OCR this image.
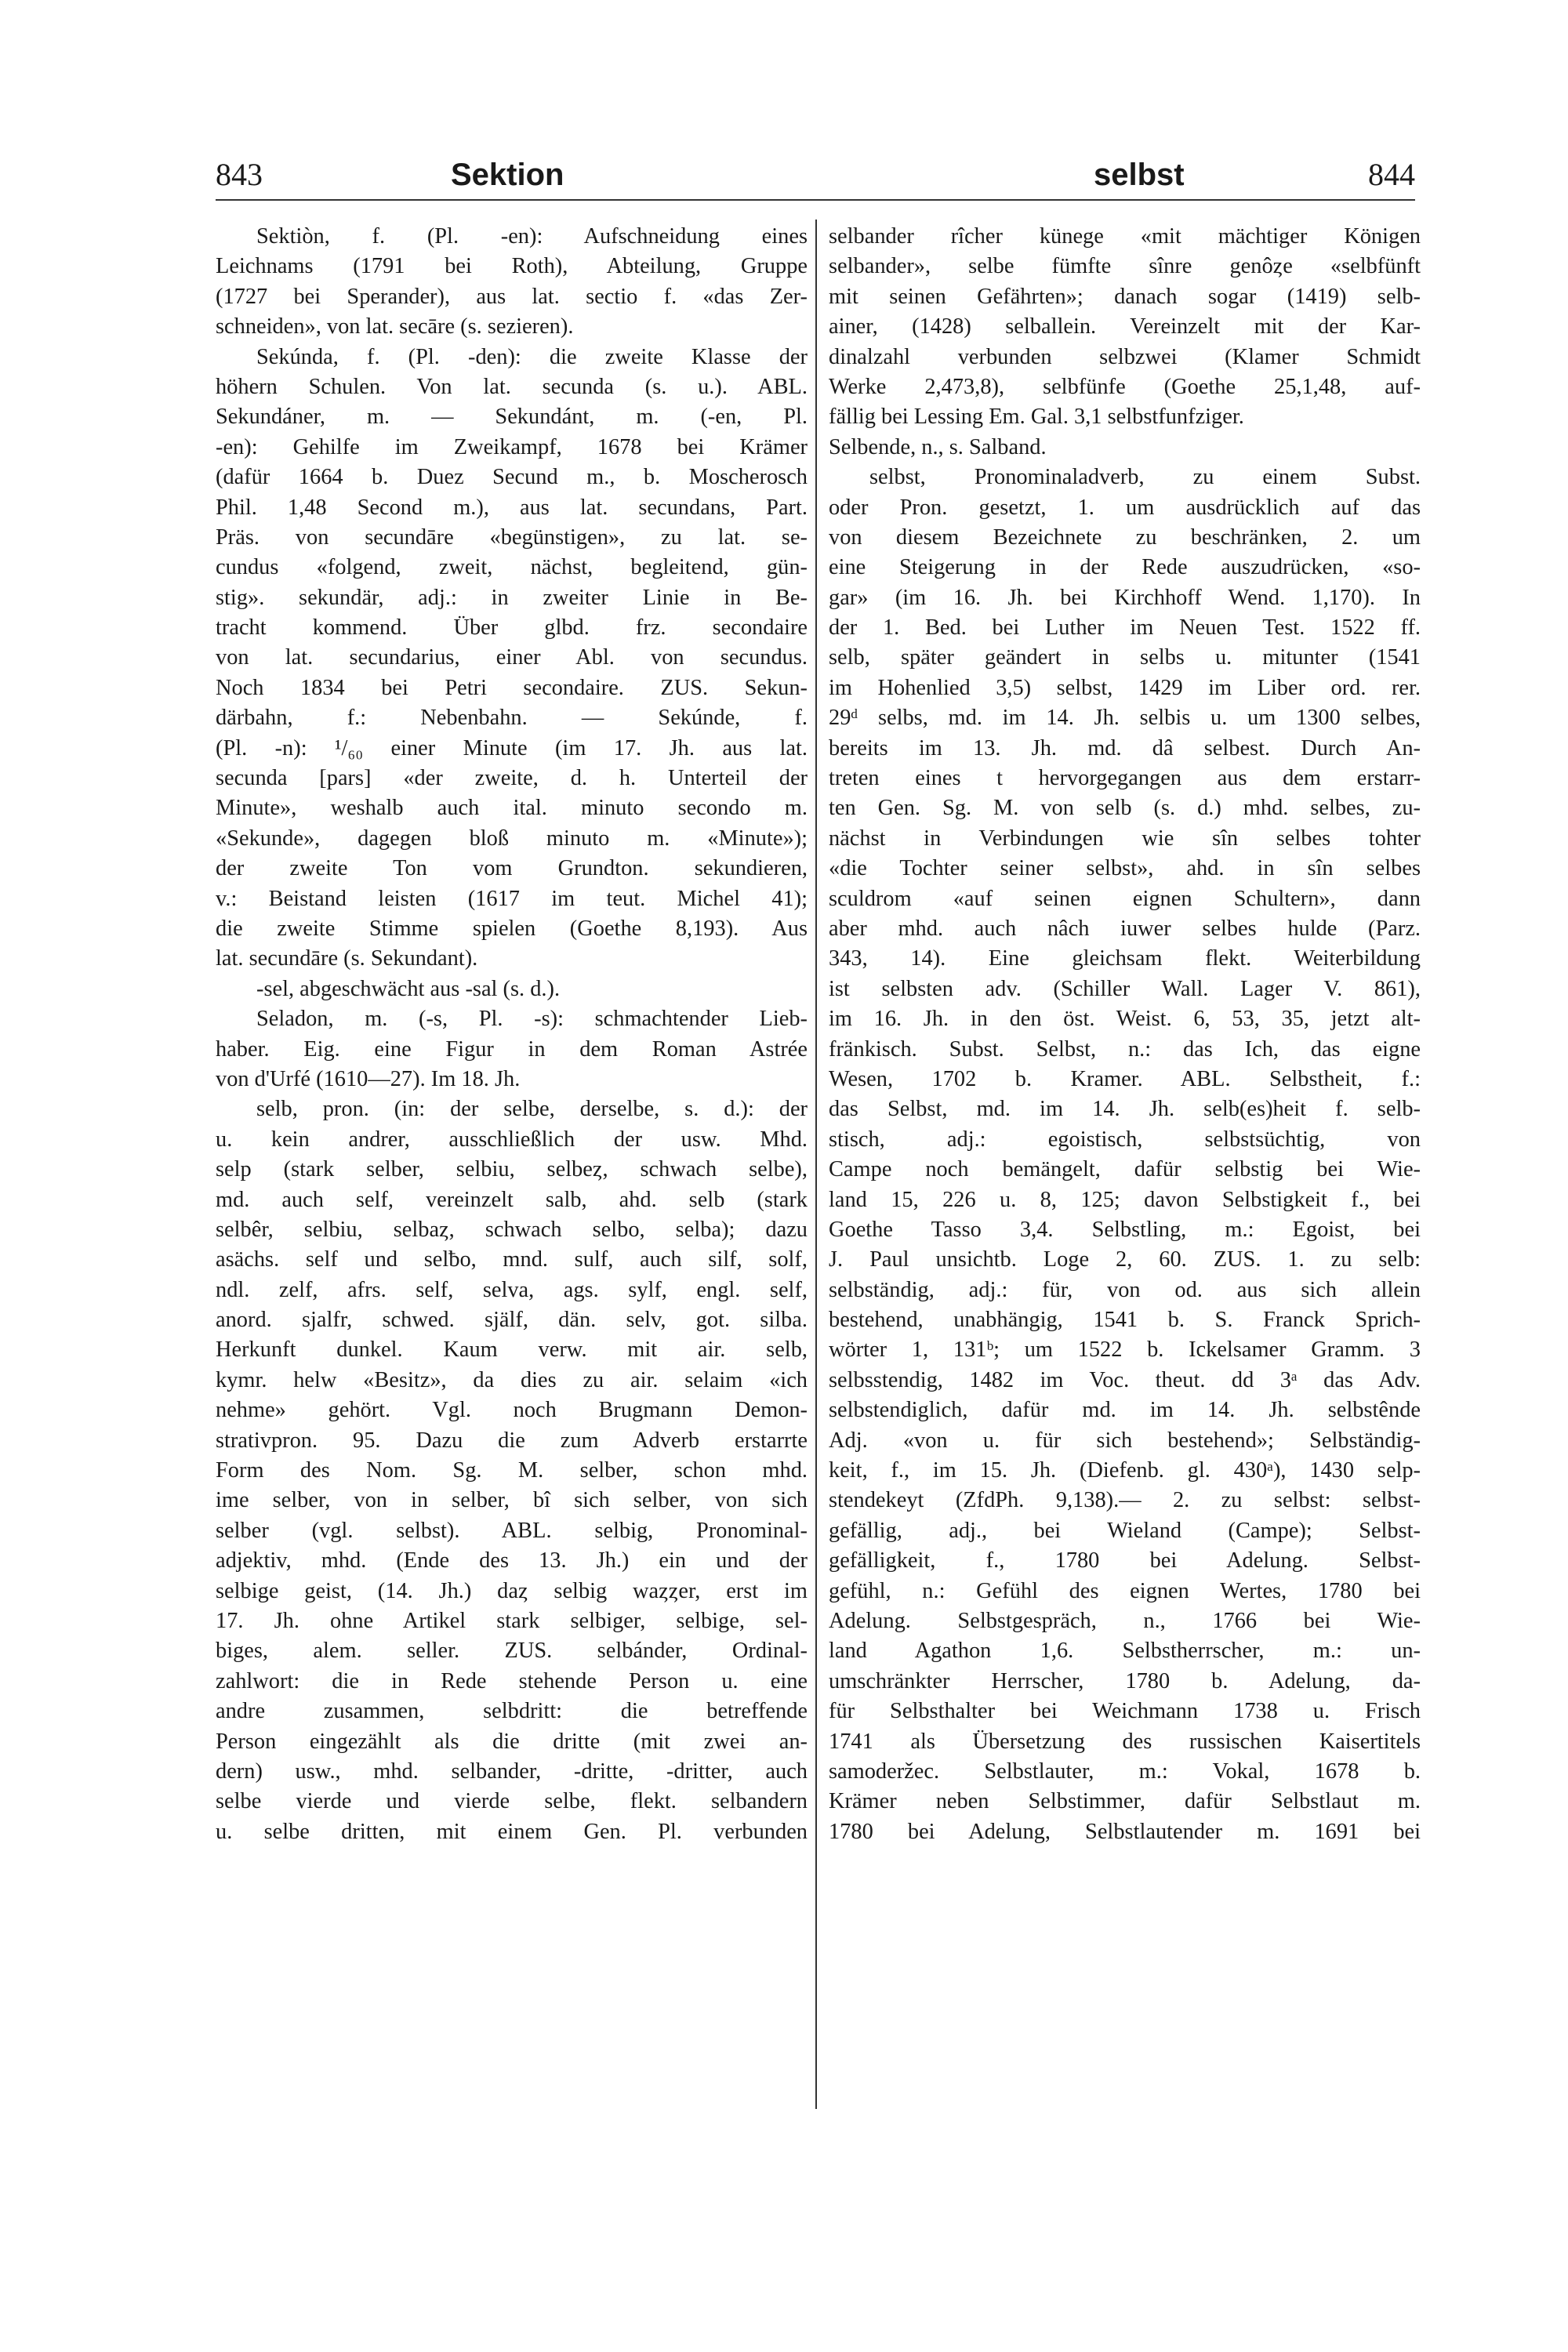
843	Sektion	selbst	844
Sektiòn, f. (Pl. -en): Aufschneidung eines
Leichnams (1791 bei Roth), Abteilung, Gruppe
(1727 bei Sperander), aus lat. sectio f. «das Zer-
schneiden», von lat. secāre (s. sezieren).
Sekúnda, f. (Pl. -den): die zweite Klasse der
höhern Schulen. Von lat. secunda (s. u.). ABL.
Sekundáner, m. — Sekundánt, m. (-en, Pl.
-en): Gehilfe im Zweikampf, 1678 bei Krämer
(dafür 1664 b. Duez Secund m., b. Moscherosch
Phil. 1,48 Second m.), aus lat. secundans, Part.
Präs. von secundāre «begünstigen», zu lat. se-
cundus «folgend, zweit, nächst, begleitend, gün-
stig». sekundär, adj.: in zweiter Linie in Be-
tracht kommend. Über glbd. frz. secondaire
von lat. secundarius, einer Abl. von secundus.
Noch 1834 bei Petri secondaire. ZUS. Sekun-
därbahn, f.: Nebenbahn. — Sekúnde, f.
(Pl. -n): ¹/₆₀ einer Minute (im 17. Jh. aus lat.
secunda [pars] «der zweite, d. h. Unterteil der
Minute», weshalb auch ital. minuto secondo m.
«Sekunde», dagegen bloß minuto m. «Minute»);
der zweite Ton vom Grundton. sekundieren,
v.: Beistand leisten (1617 im teut. Michel 41);
die zweite Stimme spielen (Goethe 8,193). Aus
lat. secundāre (s. Sekundant).
-sel, abgeschwächt aus -sal (s. d.).
Seladon, m. (-s, Pl. -s): schmachtender Lieb-
haber. Eig. eine Figur in dem Roman Astrée
von d'Urfé (1610—27). Im 18. Jh.
selb, pron. (in: der selbe, derselbe, s. d.): der
u. kein andrer, ausschließlich der usw. Mhd.
selp (stark selber, selbiu, selbeȥ, schwach selbe),
md. auch self, vereinzelt salb, ahd. selb (stark
selbêr, selbiu, selbaȥ, schwach selbo, selba); dazu
asächs. self und selƀo, mnd. sulf, auch silf, solf,
ndl. zelf, afrs. self, selva, ags. sylf, engl. self,
anord. sjalfr, schwed. själf, dän. selv, got. silba.
Herkunft dunkel. Kaum verw. mit air. selb,
kymr. helw «Besitz», da dies zu air. selaim «ich
nehme» gehört. Vgl. noch Brugmann Demon-
strativpron. 95. Dazu die zum Adverb erstarrte
Form des Nom. Sg. M. selber, schon mhd.
ime selber, von in selber, bî sich selber, von sich
selber (vgl. selbst). ABL. selbig, Pronominal-
adjektiv, mhd. (Ende des 13. Jh.) ein und der
selbige geist, (14. Jh.) daȥ selbig waȥȥer, erst im
17. Jh. ohne Artikel stark selbiger, selbige, sel-
biges, alem. seller. ZUS. selbánder, Ordinal-
zahlwort: die in Rede stehende Person u. eine
andre zusammen, selbdritt: die betreffende
Person eingezählt als die dritte (mit zwei an-
dern) usw., mhd. selbander, -dritte, -dritter, auch
selbe vierde und vierde selbe, flekt. selbandern
u. selbe dritten, mit einem Gen. Pl. verbunden
selbander rîcher künege «mit mächtiger Königen
selbander», selbe fümfte sînre genôȥe «selbfünft
mit seinen Gefährten»; danach sogar (1419) selb-
ainer, (1428) selballein. Vereinzelt mit der Kar-
dinalzahl verbunden selbzwei (Klamer Schmidt
Werke 2,473,8), selbfünfe (Goethe 25,1,48, auf-
fällig bei Lessing Em. Gal. 3,1 selbstfunfziger.
Selbende, n., s. Salband.
selbst, Pronominaladverb, zu einem Subst.
oder Pron. gesetzt, 1. um ausdrücklich auf das
von diesem Bezeichnete zu beschränken, 2. um
eine Steigerung in der Rede auszudrücken, «so-
gar» (im 16. Jh. bei Kirchhoff Wend. 1,170). In
der 1. Bed. bei Luther im Neuen Test. 1522 ff.
selb, später geändert in selbs u. mitunter (1541
im Hohenlied 3,5) selbst, 1429 im Liber ord. rer.
29ᵈ selbs, md. im 14. Jh. selbis u. um 1300 selbes,
bereits im 13. Jh. md. dâ selbest. Durch An-
treten eines t hervorgegangen aus dem erstarr-
ten Gen. Sg. M. von selb (s. d.) mhd. selbes, zu-
nächst in Verbindungen wie sîn selbes tohter
«die Tochter seiner selbst», ahd. in sîn selbes
sculdrom «auf seinen eignen Schultern», dann
aber mhd. auch nâch iuwer selbes hulde (Parz.
343, 14). Eine gleichsam flekt. Weiterbildung
ist selbsten adv. (Schiller Wall. Lager V. 861),
im 16. Jh. in den öst. Weist. 6, 53, 35, jetzt alt-
fränkisch. Subst. Selbst, n.: das Ich, das eigne
Wesen, 1702 b. Kramer. ABL. Selbstheit, f.:
das Selbst, md. im 14. Jh. selb(es)heit f. selb-
stisch, adj.: egoistisch, selbstsüchtig, von
Campe noch bemängelt, dafür selbstig bei Wie-
land 15, 226 u. 8, 125; davon Selbstigkeit f., bei
Goethe Tasso 3,4. Selbstling, m.: Egoist, bei
J. Paul unsichtb. Loge 2, 60. ZUS. 1. zu selb:
selbständig, adj.: für, von od. aus sich allein
bestehend, unabhängig, 1541 b. S. Franck Sprich-
wörter 1, 131ᵇ; um 1522 b. Ickelsamer Gramm. 3
selbsstendig, 1482 im Voc. theut. dd 3ᵃ das Adv.
selbstendiglich, dafür md. im 14. Jh. selbstênde
Adj. «von u. für sich bestehend»; Selbständig-
keit, f., im 15. Jh. (Diefenb. gl. 430ᵃ), 1430 selp-
stendekeyt (ZfdPh. 9,138).— 2. zu selbst: selbst-
gefällig, adj., bei Wieland (Campe); Selbst-
gefälligkeit, f., 1780 bei Adelung. Selbst-
gefühl, n.: Gefühl des eignen Wertes, 1780 bei
Adelung. Selbstgespräch, n., 1766 bei Wie-
land Agathon 1,6. Selbstherrscher, m.: un-
umschränkter Herrscher, 1780 b. Adelung, da-
für Selbsthalter bei Weichmann 1738 u. Frisch
1741 als Übersetzung des russischen Kaisertitels
samoderžec. Selbstlauter, m.: Vokal, 1678 b.
Krämer neben Selbstimmer, dafür Selbstlaut m.
1780 bei Adelung, Selbstlautender m. 1691 bei
